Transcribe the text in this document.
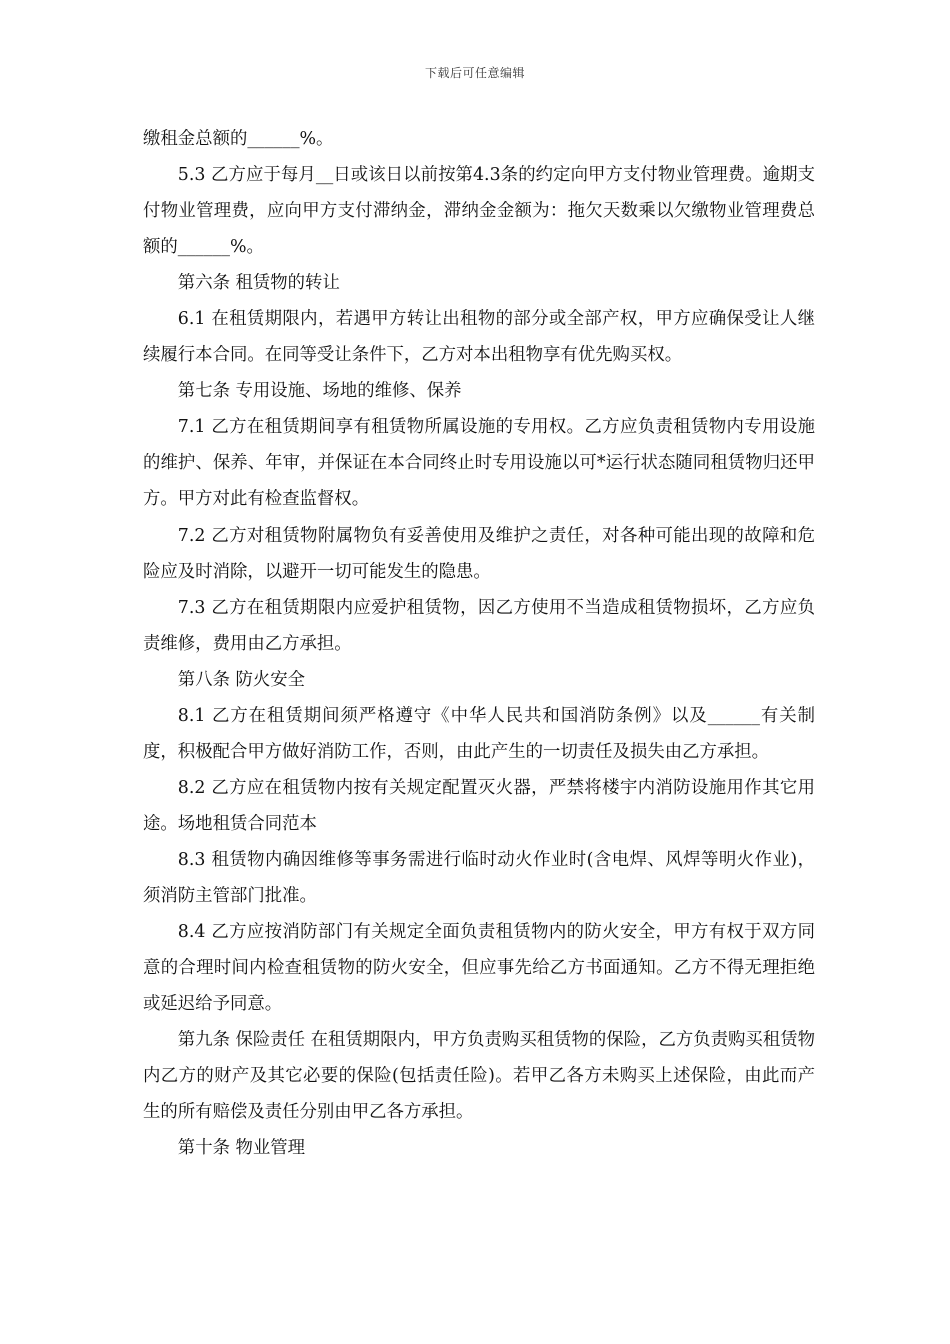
下载后可任意编辑

缴租金总额的______%。

5.3 乙方应于每月__日或该日以前按第4.3条的约定向甲方支付物业管理费。逾期支付物业管理费，应向甲方支付滞纳金，滞纳金金额为：拖欠天数乘以欠缴物业管理费总额的______%。

第六条 租赁物的转让

6.1 在租赁期限内，若遇甲方转让出租物的部分或全部产权，甲方应确保受让人继续履行本合同。在同等受让条件下，乙方对本出租物享有优先购买权。

第七条 专用设施、场地的维修、保养

7.1 乙方在租赁期间享有租赁物所属设施的专用权。乙方应负责租赁物内专用设施的维护、保养、年审，并保证在本合同终止时专用设施以可*运行状态随同租赁物归还甲方。甲方对此有检查监督权。

7.2 乙方对租赁物附属物负有妥善使用及维护之责任，对各种可能出现的故障和危险应及时消除，以避开一切可能发生的隐患。

7.3 乙方在租赁期限内应爱护租赁物，因乙方使用不当造成租赁物损坏，乙方应负责维修，费用由乙方承担。

第八条 防火安全

8.1 乙方在租赁期间须严格遵守《中华人民共和国消防条例》以及______有关制度，积极配合甲方做好消防工作，否则，由此产生的一切责任及损失由乙方承担。

8.2 乙方应在租赁物内按有关规定配置灭火器，严禁将楼宇内消防设施用作其它用途。场地租赁合同范本

8.3 租赁物内确因维修等事务需进行临时动火作业时(含电焊、风焊等明火作业)，须消防主管部门批准。

8.4 乙方应按消防部门有关规定全面负责租赁物内的防火安全，甲方有权于双方同意的合理时间内检查租赁物的防火安全，但应事先给乙方书面通知。乙方不得无理拒绝或延迟给予同意。

第九条 保险责任 在租赁期限内，甲方负责购买租赁物的保险，乙方负责购买租赁物内乙方的财产及其它必要的保险(包括责任险)。若甲乙各方未购买上述保险，由此而产生的所有赔偿及责任分别由甲乙各方承担。

第十条 物业管理
